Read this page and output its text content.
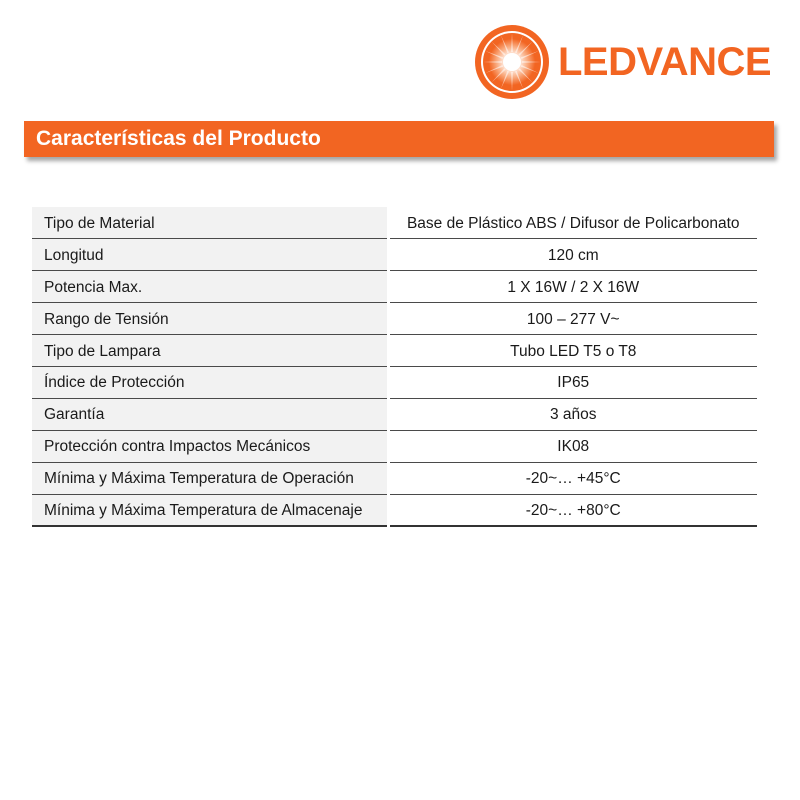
LEDVANCE
Características del Producto
Tipo de Material	Base de Plástico ABS / Difusor de Policarbonato
Longitud	120 cm
Potencia Max.	1 X 16W / 2 X 16W
Rango de Tensión	100 – 277 V~
Tipo de Lampara	Tubo LED T5 o T8
Índice de Protección	IP65
Garantía	3 años
Protección contra Impactos Mecánicos	IK08
Mínima y Máxima Temperatura de Operación	-20~… +45°C
Mínima y Máxima Temperatura de Almacenaje	-20~… +80°C
